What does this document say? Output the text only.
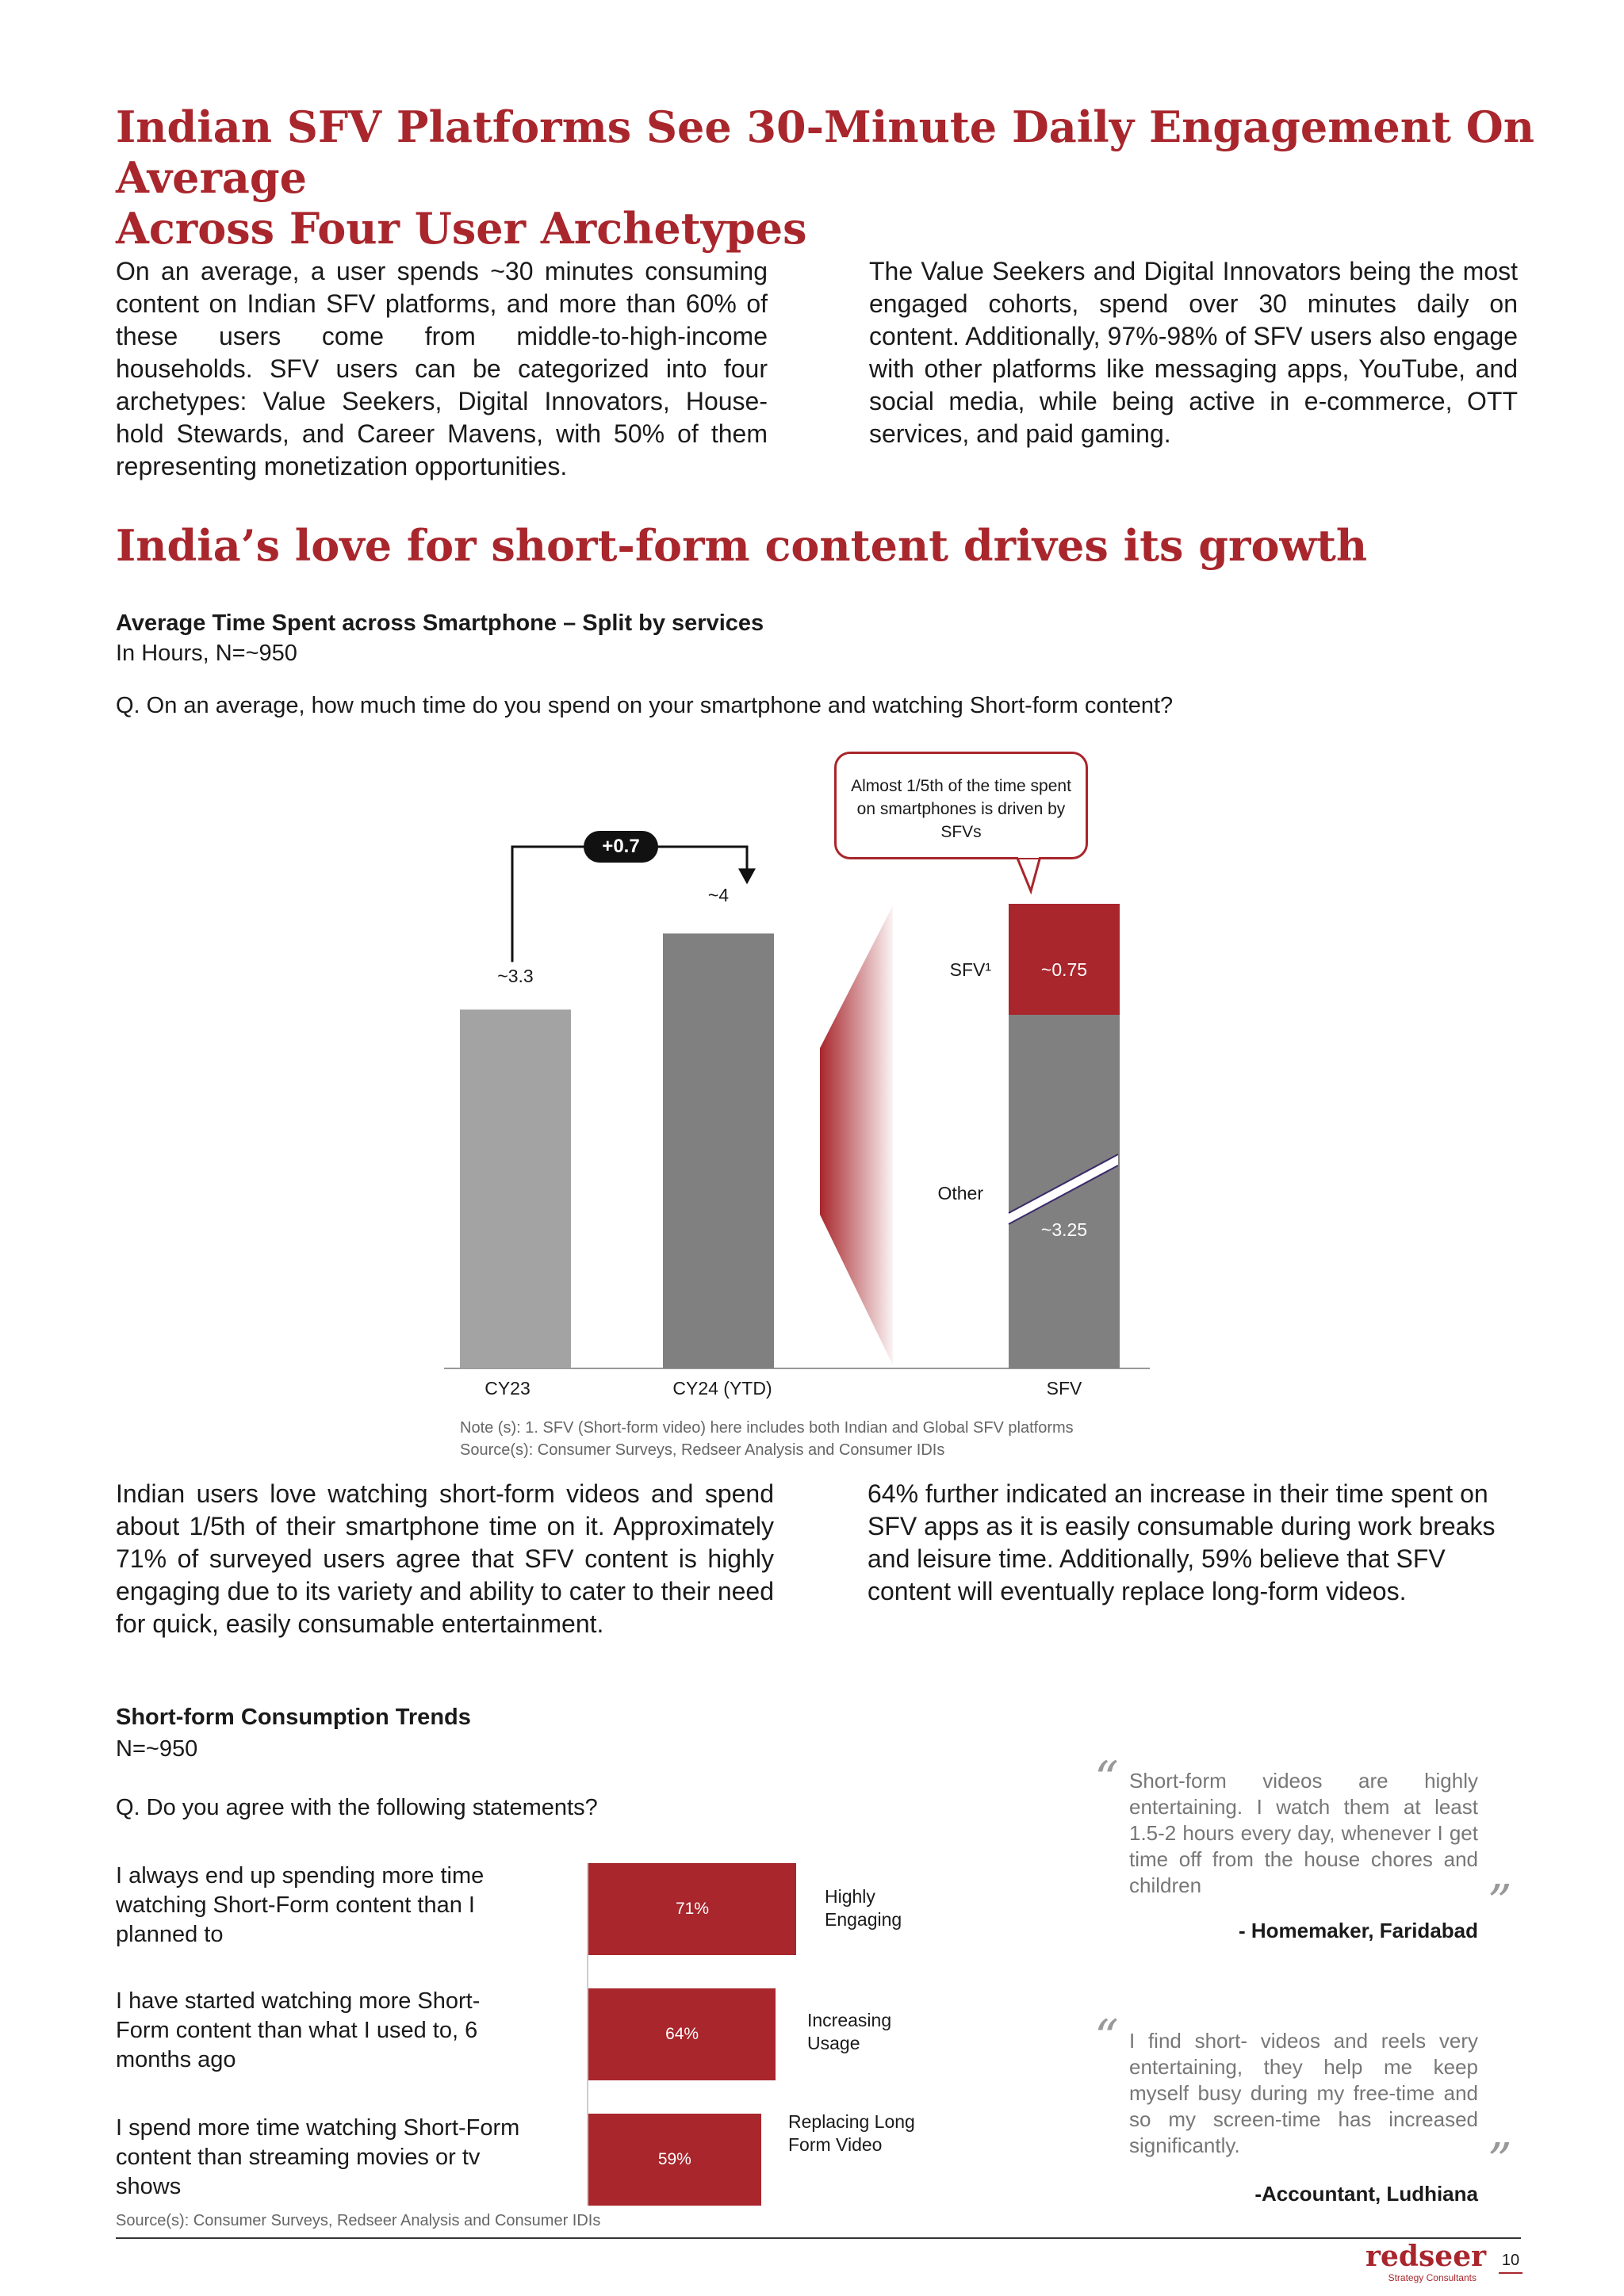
Indian SFV Platforms See 30-Minute Daily Engagement On Average
Across Four User Archetypes
On an average, a user spends ~30 minutes consuming content on Indian SFV platforms, and more than 60% of these users come from middle-to-high-income households. SFV users can be categorized into four archetypes: Value Seekers, Digital Innovators, House-hold Stewards, and Career Mavens, with 50% of them representing monetization opportunities.
The Value Seekers and Digital Innovators being the most engaged cohorts, spend over 30 minutes daily on content. Additionally, 97%-98% of SFV users also engage with other platforms like messaging apps, YouTube, and social media, while being active in e-commerce, OTT services, and paid gaming.
India’s love for short-form content drives its growth
Average Time Spent across Smartphone – Split by services
In Hours, N=~950
Q. On an average, how much time do you spend on your smartphone and watching Short-form content?
Almost 1/5th of the time spent on smartphones is driven by SFVs
+0.7
~3.3
~4
CY23	CY24 (YTD)	SFV
SFV¹
Other
~0.75
~3.25
Note (s): 1. SFV (Short-form video) here includes both Indian and Global SFV platforms
Source(s): Consumer Surveys, Redseer Analysis and Consumer IDIs
Indian users love watching short-form videos and spend about 1/5th of their smartphone time on it. Approximately 71% of surveyed users agree that SFV content is highly engaging due to its variety and ability to cater to their need for quick, easily consumable entertainment.
64% further indicated an increase in their time spent on SFV apps as it is easily consumable during work breaks and leisure time. Additionally, 59% believe that SFV content will eventually replace long-form videos.
Short-form Consumption Trends
N=~950
Q. Do you agree with the following statements?
I always end up spending more time watching Short-Form content than I planned to
I have started watching more Short-Form content than what I used to, 6 months ago
I spend more time watching Short-Form content than streaming movies or tv shows
71%
64%
59%
Highly Engaging
Increasing Usage
Replacing Long Form Video
Source(s): Consumer Surveys, Redseer Analysis and Consumer IDIs
“ Short-form videos are highly entertaining. I watch them at least 1.5-2 hours every day, whenever I get time off from the house chores and children	”
- Homemaker, Faridabad
“ I find short- videos and reels very entertaining, they help me keep myself busy during my free-time and so my screen-time has increased significantly.	”
-Accountant, Ludhiana
redseer
Strategy Consultants
10
